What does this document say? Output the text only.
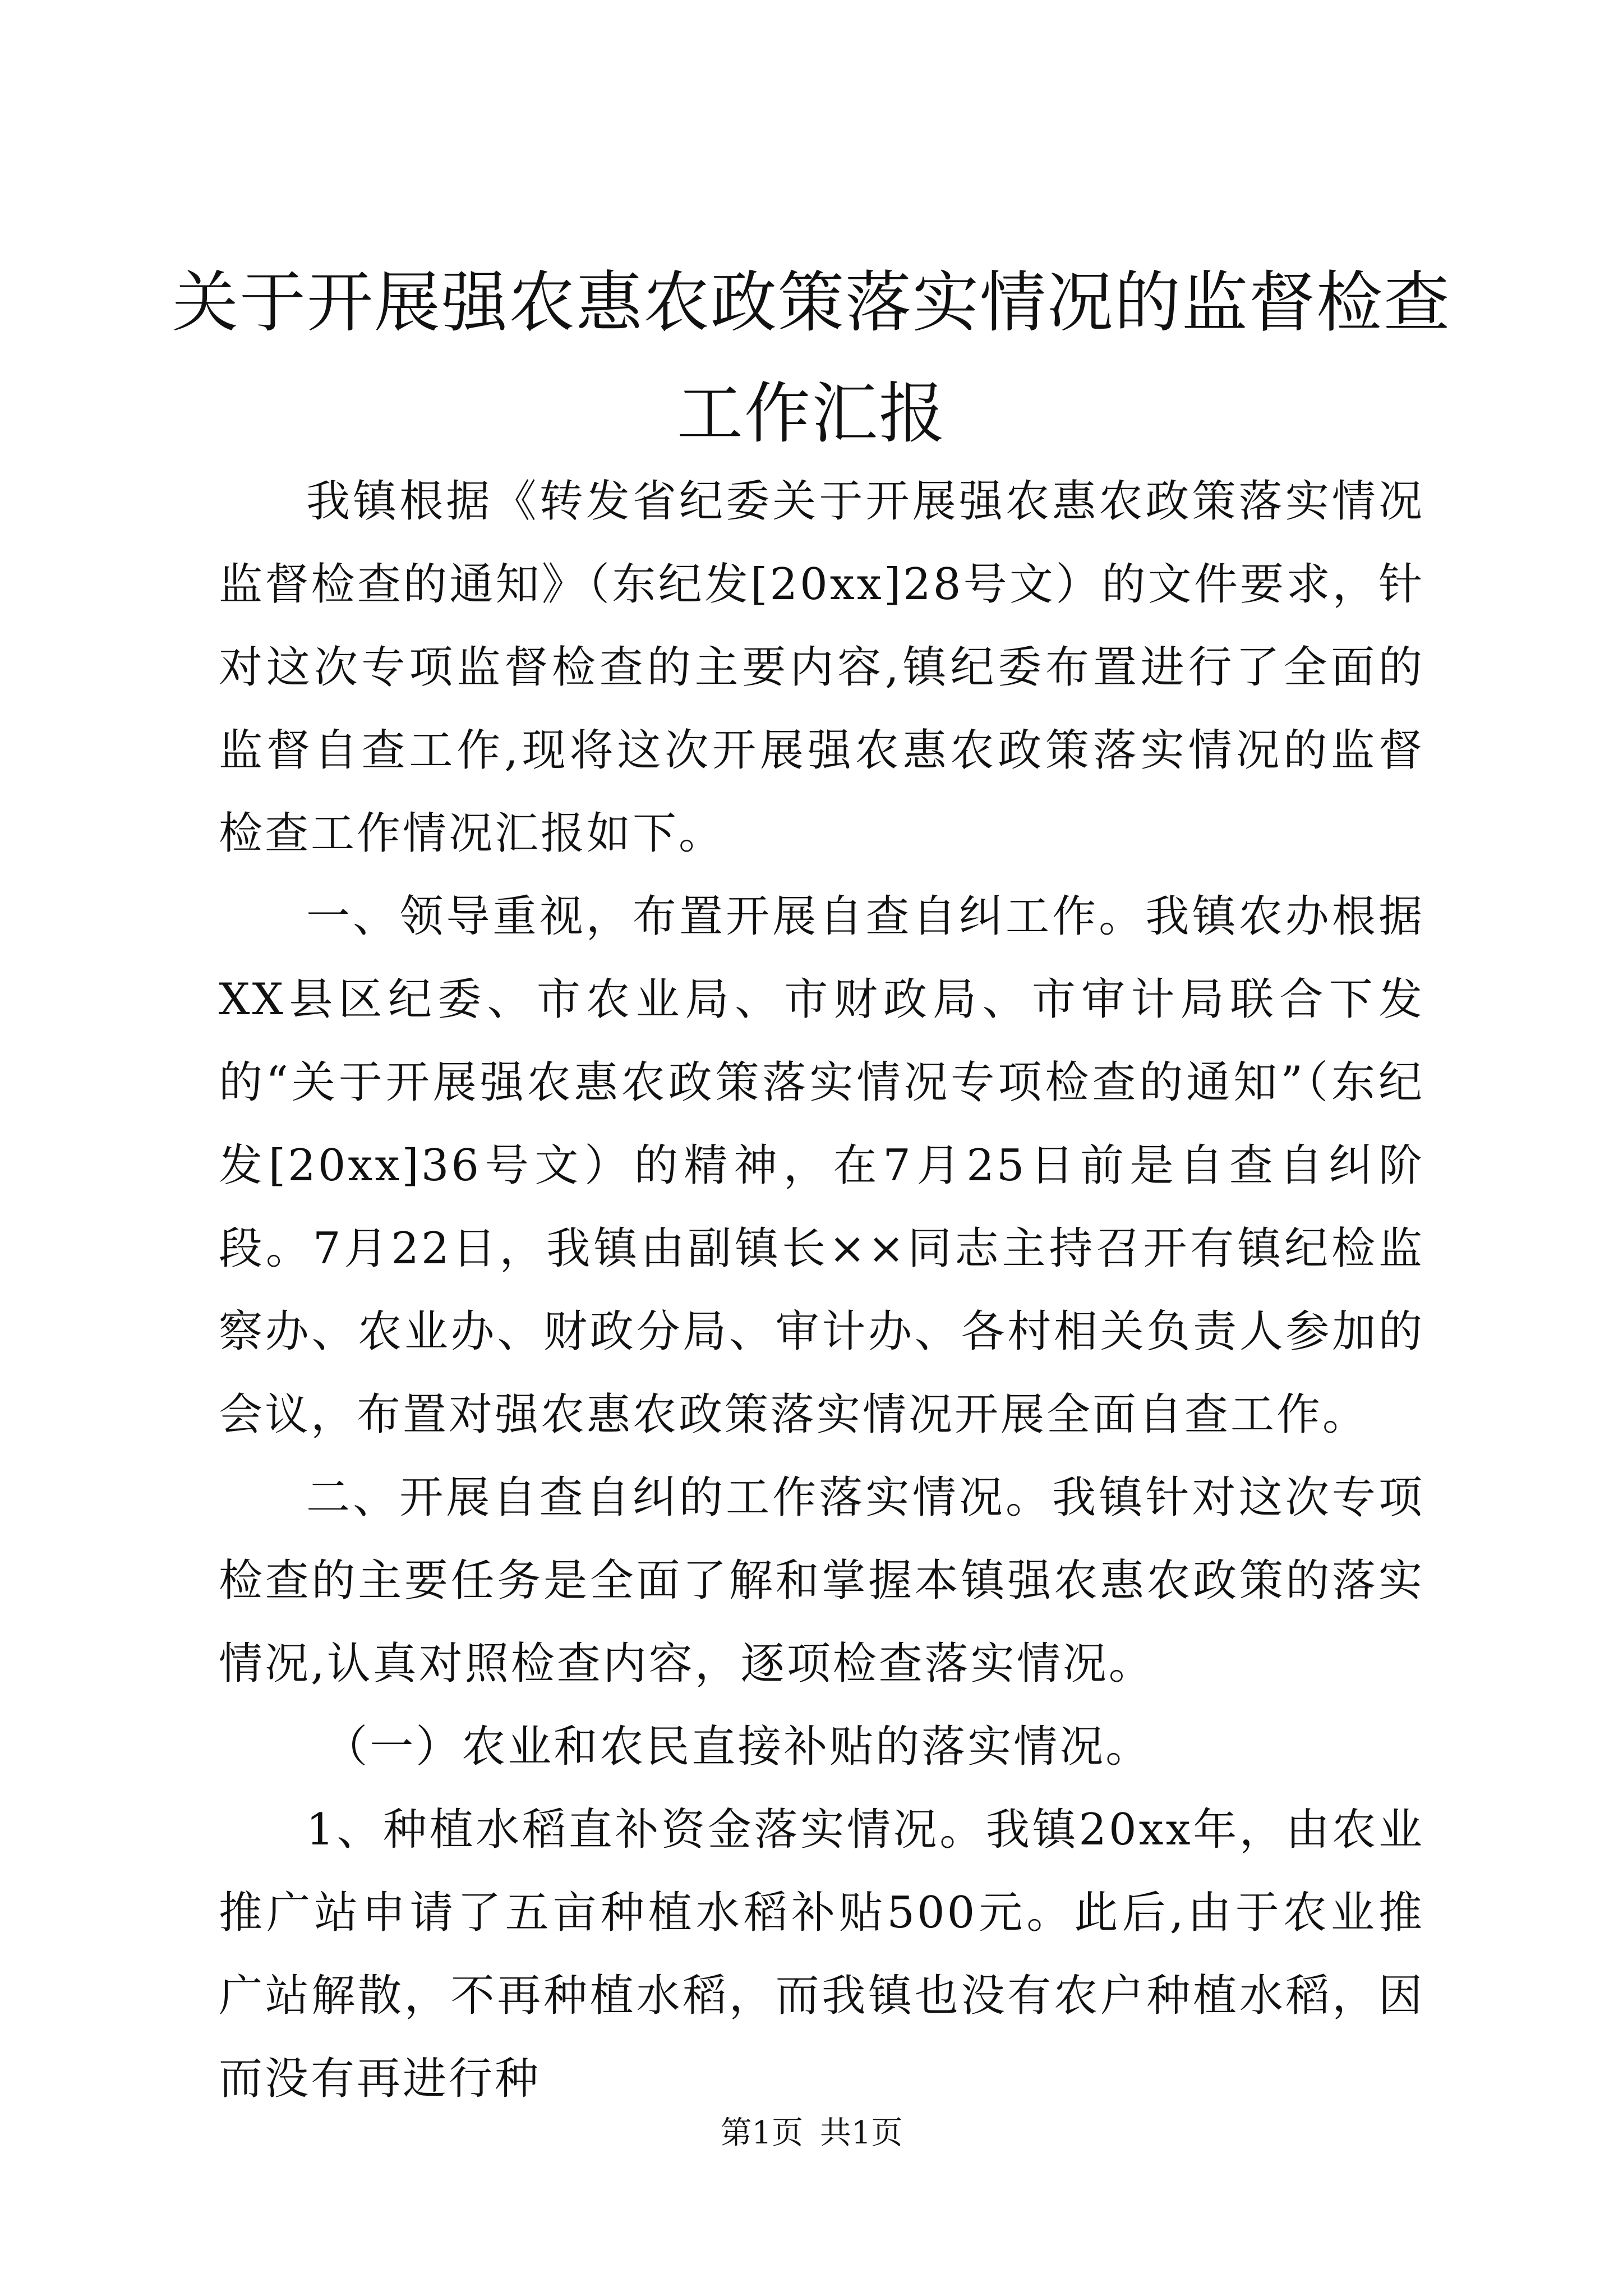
关于开展强农惠农政策落实情况的监督检查工作汇报

我镇根据《转发省纪委关于开展强农惠农政策落实情况监督检查的通知》（东纪发[20xx]28号文）的文件要求，针对这次专项监督检查的主要内容,镇纪委布置进行了全面的监督自查工作,现将这次开展强农惠农政策落实情况的监督检查工作情况汇报如下。

一、领导重视，布置开展自查自纠工作。我镇农办根据XX县区纪委、市农业局、市财政局、市审计局联合下发的“关于开展强农惠农政策落实情况专项检查的通知”（东纪发[20xx]36号文）的精神，在7月25日前是自查自纠阶段。7月22日，我镇由副镇长××同志主持召开有镇纪检监察办、农业办、财政分局、审计办、各村相关负责人参加的会议，布置对强农惠农政策落实情况开展全面自查工作。

二、开展自查自纠的工作落实情况。我镇针对这次专项检查的主要任务是全面了解和掌握本镇强农惠农政策的落实情况,认真对照检查内容，逐项检查落实情况。

（一）农业和农民直接补贴的落实情况。

1、种植水稻直补资金落实情况。我镇20xx年，由农业推广站申请了五亩种植水稻补贴500元。此后,由于农业推广站解散，不再种植水稻，而我镇也没有农户种植水稻，因而没有再进行种

第1页 共1页
